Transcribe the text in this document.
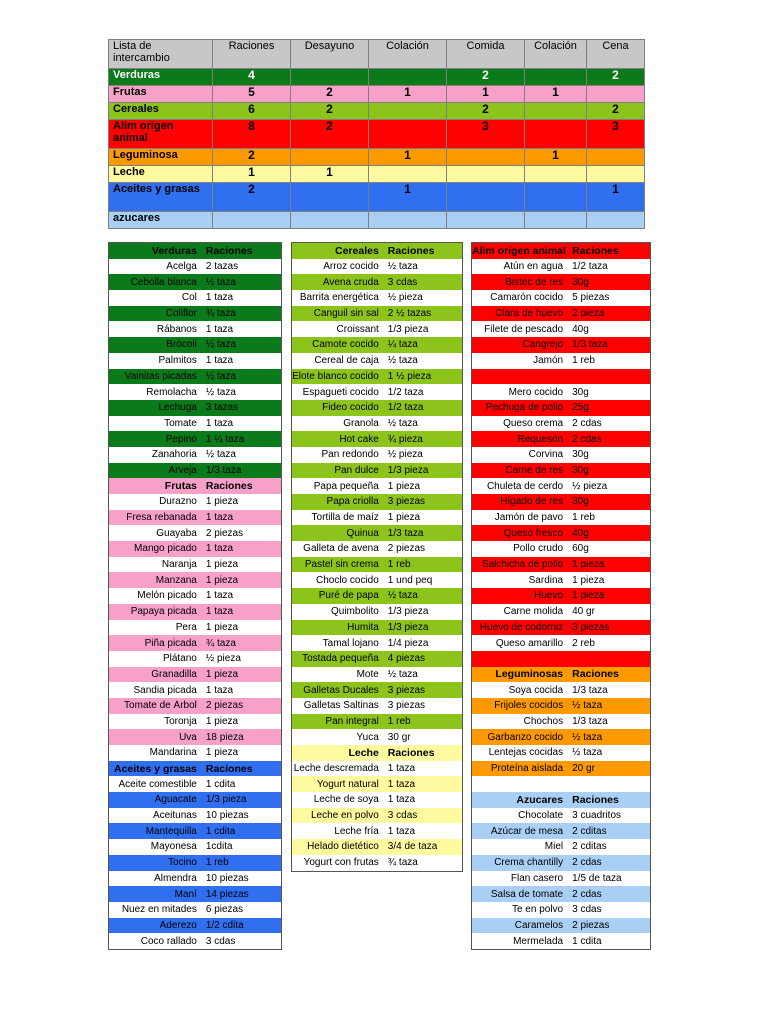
Lista de intercambio	Raciones	Desayuno	Colación	Comida	Colación	Cena
Verduras	4			2		2
Frutas	5	2	1	1	1	
Cereales	6	2		2		2
Alim origen animal	8	2		3		3
Leguminosa	2		1		1	
Leche	1	1				
Aceites y grasas	2		1			1
azucares						
Verduras Raciones
Acelga 2 tazas
Cebolla blanca ½ taza
Col 1 taza
Coliflor ¾ taza
Rábanos 1 taza
Brócoli ½ taza
Palmitos 1 taza
Vainitas picadas ½ taza
Remolacha ½ taza
Lechuga 3 tazas
Tomate 1 taza
Pepino 1 ¼ taza
Zanahoria ½ taza
Arveja 1/3 taza
Frutas Raciones
Durazno 1 pieza
Fresa rebanada 1 taza
Guayaba 2 piezas
Mango picado 1 taza
Naranja 1 pieza
Manzana 1 pieza
Melón picado 1 taza
Papaya picada 1 taza
Pera 1 pieza
Piña picada ¾ taza
Plátano ½ pieza
Granadilla 1 pieza
Sandia picada 1 taza
Tomate de Árbol 2 piezas
Toronja 1 pieza
Uva 18 pieza
Mandarina 1 pieza
Aceites y grasas Raciones
Aceite comestible 1 cdita
Aguacate 1/3 pieza
Aceitunas 10 piezas
Mantequilla 1 cdita
Mayonesa 1cdita
Tocino 1 reb
Almendra 10 piezas
Maní 14 piezas
Nuez en mitades 6 piezas
Aderezo 1/2 cdita
Coco rallado 3 cdas
Cereales Raciones
Arroz cocido ½ taza
Avena cruda 3 cdas
Barrita energética ½ pieza
Canguil sin sal 2 ½ tazas
Croissant 1/3 pieza
Camote cocido ¼ taza
Cereal de caja ½ taza
Elote blanco cocido 1 ½ pieza
Espagueti cocido 1/2 taza
Fideo cocido 1/2 taza
Granola ½ taza
Hot cake ¾ pieza
Pan redondo ½ pieza
Pan dulce 1/3 pieza
Papa pequeña 1 pieza
Papa criolla 3 piezas
Tortilla de maíz 1 pieza
Quinua 1/3 taza
Galleta de avena 2 piezas
Pastel sin crema 1 reb
Choclo cocido 1 und peq
Puré de papa ½ taza
Quimbolito 1/3 pieza
Humita 1/3 pieza
Tamal lojano 1/4 pieza
Tostada pequeña 4 piezas
Mote ½ taza
Galletas Ducales 3 piezas
Galletas Saltinas 3 piezas
Pan integral 1 reb
Yuca 30 gr
Leche Raciones
Leche descremada 1 taza
Yogurt natural 1 taza
Leche de soya 1 taza
Leche en polvo 3 cdas
Leche fría 1 taza
Helado dietético 3/4 de taza
Yogurt con frutas ¾ taza
Alim origen animal Raciones
Atún en agua 1/2 taza
Bistec de res 30g
Camarón cocido 5 piezas
Clara de huevo 2 pieza
Filete de pescado 40g
Cangrejo 1/3 taza
Jamón 1 reb
Mero cocido 30g
Pechuga de pollo 25g
Queso crema 2 cdas
Requesón 2 cdas
Corvina 30g
Carne de res 30g
Chuleta de cerdo ½ pieza
Hígado de res 30g
Jamón de pavo 1 reb
Queso fresco 40g
Pollo crudo 60g
Salchicha de pollo 1 pieza
Sardina 1 pieza
Huevo 1 pieza
Carne molida 40 gr
Huevo de codorniz 3 piezas
Queso amarillo 2 reb
Leguminosas Raciones
Soya cocida 1/3 taza
Frijoles cocidos ½ taza
Chochos 1/3 taza
Garbanzo cocido ½ taza
Lentejas cocidas ½ taza
Proteína aislada 20 gr
Azucares Raciones
Chocolate 3 cuadritos
Azúcar de mesa 2 cditas
Miel 2 cditas
Crema chantilly 2 cdas
Flan casero 1/5 de taza
Salsa de tomate 2 cdas
Te en polvo 3 cdas
Caramelos 2 piezas
Mermelada 1 cdita
